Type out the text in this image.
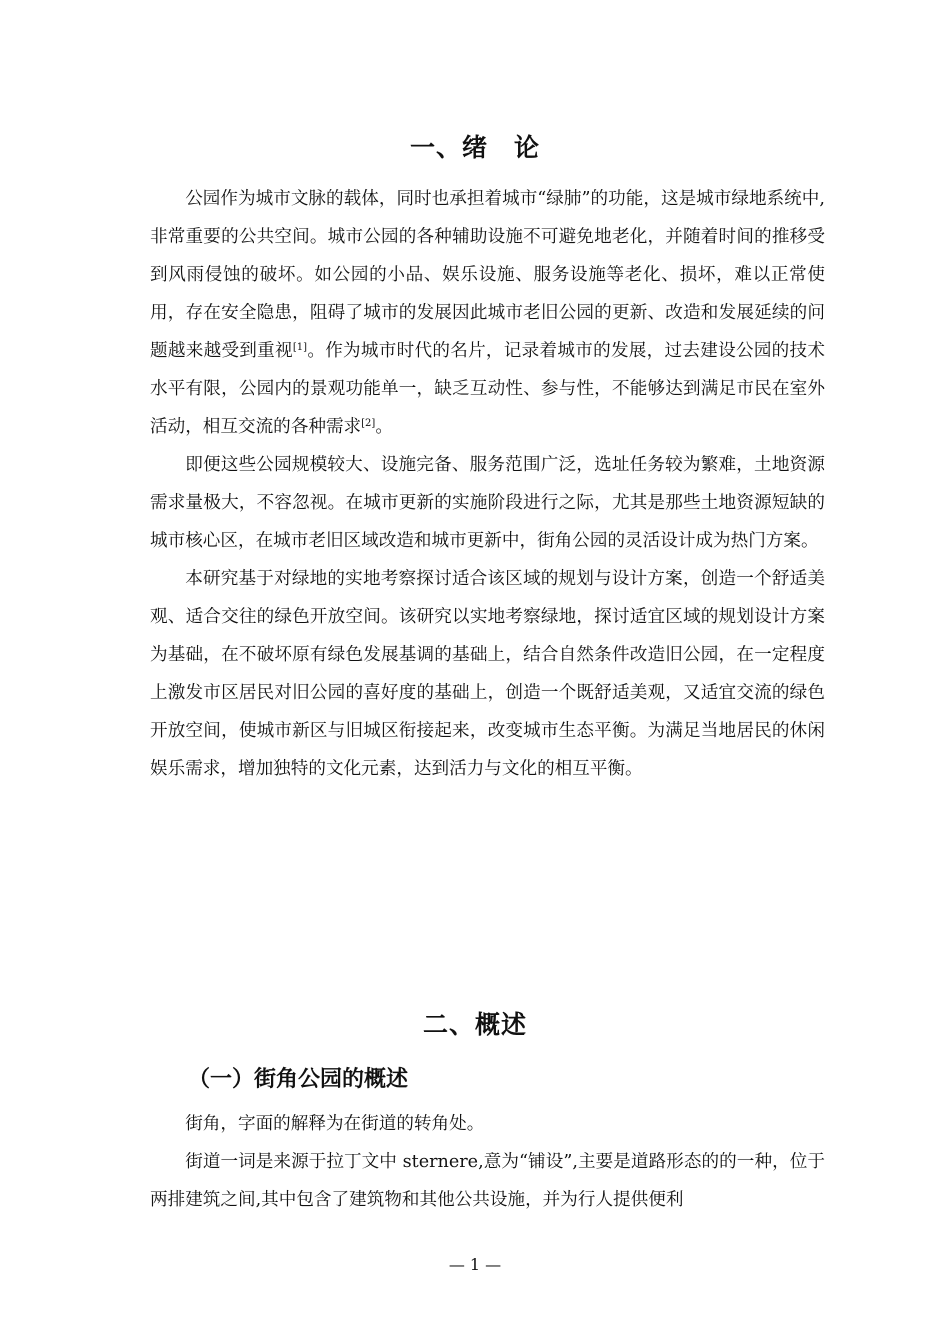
一、绪　论

公园作为城市文脉的载体，同时也承担着城市“绿肺”的功能，这是城市绿地系统中,非常重要的公共空间。城市公园的各种辅助设施不可避免地老化，并随着时间的推移受到风雨侵蚀的破坏。如公园的小品、娱乐设施、服务设施等老化、损坏，难以正常使用，存在安全隐患，阻碍了城市的发展因此城市老旧公园的更新、改造和发展延续的问题越来越受到重视[1]。作为城市时代的名片，记录着城市的发展，过去建设公园的技术水平有限，公园内的景观功能单一，缺乏互动性、参与性，不能够达到满足市民在室外活动，相互交流的各种需求[2]。

即便这些公园规模较大、设施完备、服务范围广泛，选址任务较为繁难，土地资源需求量极大，不容忽视。在城市更新的实施阶段进行之际，尤其是那些土地资源短缺的城市核心区，在城市老旧区域改造和城市更新中，街角公园的灵活设计成为热门方案。

本研究基于对绿地的实地考察探讨适合该区域的规划与设计方案，创造一个舒适美观、适合交往的绿色开放空间。该研究以实地考察绿地，探讨适宜区域的规划设计方案为基础，在不破坏原有绿色发展基调的基础上，结合自然条件改造旧公园，在一定程度上激发市区居民对旧公园的喜好度的基础上，创造一个既舒适美观，又适宜交流的绿色开放空间，使城市新区与旧城区衔接起来，改变城市生态平衡。为满足当地居民的休闲娱乐需求，增加独特的文化元素，达到活力与文化的相互平衡。

二、概述
（一）街角公园的概述

街角，字面的解释为在街道的转角处。

街道一词是来源于拉丁文中 sternere,意为“铺设”,主要是道路形态的的一种，位于两排建筑之间,其中包含了建筑物和其他公共设施，并为行人提供便利

— 1 —
